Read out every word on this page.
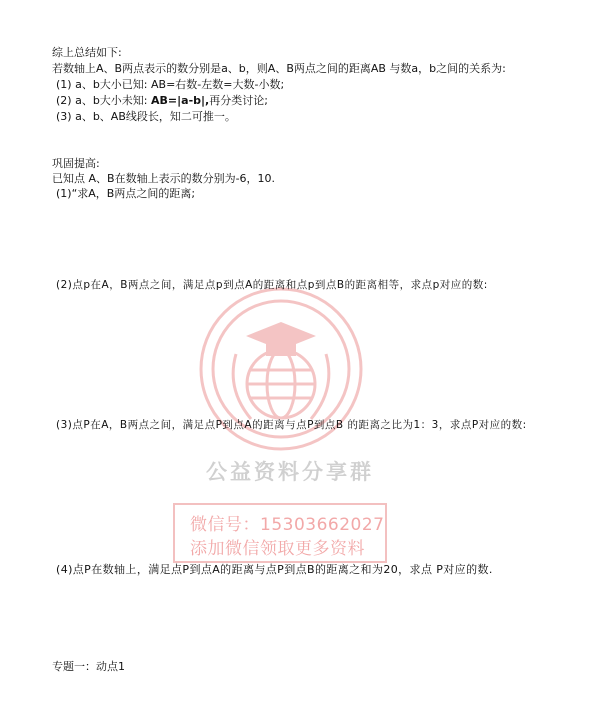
综上总结如下:
若数轴上A、B两点表示的数分别是a、b，则A、B两点之间的距离AB 与数a，b之间的关系为:
(1) a、b大小已知: AB=右数-左数=大数-小数;
(2) a、b大小未知: AB=|a-b|,再分类讨论;
(3) a、b、AB线段长，知二可推一。
巩固提高:
已知点 A、B在数轴上表示的数分别为-6，10.
(1)“求A，B两点之间的距离;
(2)点p在A，B两点之间，满足点p到点A的距离和点p到点B的距离相等，求点p对应的数:
(3)点P在A，B两点之间，满足点P到点A的距离与点P到点B 的距离之比为1：3，求点P对应的数:
公益资料分享群
微信号：15303662027
添加微信领取更多资料
(4)点P在数轴上，满足点P到点A的距离与点P到点B的距离之和为20，求点 P对应的数.
专题一：动点1
